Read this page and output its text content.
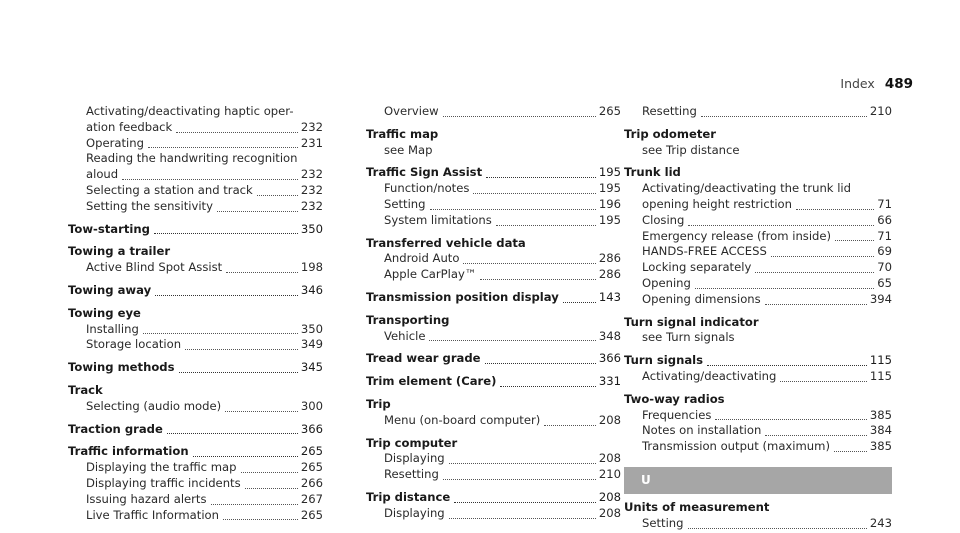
Index 489
Activating/deactivating haptic oper-
ation feedback	232
Operating	231
Reading the handwriting recognition
aloud	232
Selecting a station and track	232
Setting the sensitivity	232
Tow-starting	350
Towing a trailer
Active Blind Spot Assist	198
Towing away	346
Towing eye
Installing	350
Storage location	349
Towing methods	345
Track
Selecting (audio mode)	300
Traction grade	366
Traffic information	265
Displaying the traffic map	265
Displaying traffic incidents	266
Issuing hazard alerts	267
Live Traffic Information	265
Overview	265
Traffic map
see Map
Traffic Sign Assist	195
Function/notes	195
Setting	196
System limitations	195
Transferred vehicle data
Android Auto	286
Apple CarPlay™	286
Transmission position display	143
Transporting
Vehicle	348
Tread wear grade	366
Trim element (Care)	331
Trip
Menu (on-board computer)	208
Trip computer
Displaying	208
Resetting	210
Trip distance	208
Displaying	208
Resetting	210
Trip odometer
see Trip distance
Trunk lid
Activating/deactivating the trunk lid
opening height restriction	71
Closing	66
Emergency release (from inside)	71
HANDS-FREE ACCESS	69
Locking separately	70
Opening	65
Opening dimensions	394
Turn signal indicator
see Turn signals
Turn signals	115
Activating/deactivating	115
Two-way radios
Frequencies	385
Notes on installation	384
Transmission output (maximum)	385
U
Units of measurement
Setting	243
